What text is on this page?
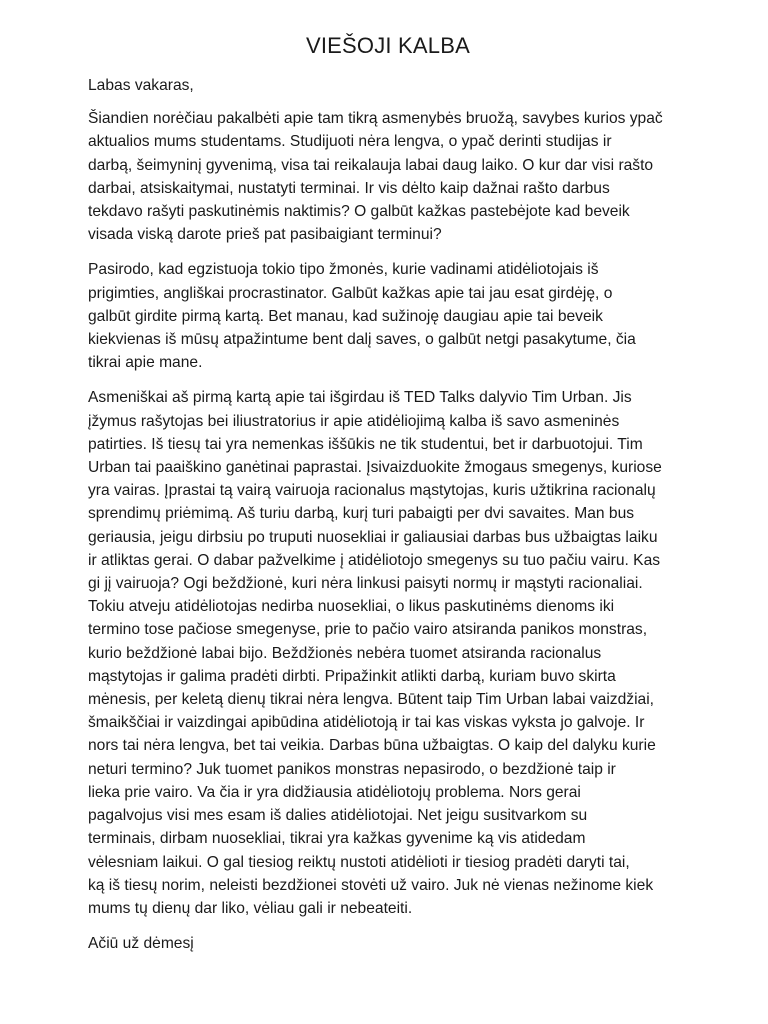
VIEŠOJI KALBA
Labas vakaras,
Šiandien norėčiau pakalbėti apie tam tikrą asmenybės bruožą, savybes kurios ypač
aktualios mums studentams. Studijuoti nėra lengva, o ypač derinti studijas ir
darbą, šeimyninį gyvenimą, visa tai reikalauja labai daug laiko. O kur dar visi rašto
darbai, atsiskaitymai, nustatyti terminai. Ir vis dėlto kaip dažnai rašto darbus
tekdavo rašyti paskutinėmis naktimis? O galbūt kažkas pastebėjote kad beveik
visada viską darote prieš pat pasibaigiant terminui?
Pasirodo, kad egzistuoja tokio tipo žmonės, kurie vadinami atidėliotojais iš
prigimties, angliškai procrastinator. Galbūt kažkas apie tai jau esat girdėję, o
galbūt girdite pirmą kartą. Bet manau, kad sužinoję daugiau apie tai beveik
kiekvienas iš mūsų atpažintume bent dalį saves, o galbūt netgi pasakytume, čia
tikrai apie mane.
Asmeniškai aš pirmą kartą apie tai išgirdau iš TED Talks dalyvio Tim Urban. Jis
įžymus rašytojas bei iliustratorius ir apie atidėliojimą kalba iš savo asmeninės
patirties. Iš tiesų tai yra nemenkas iššūkis ne tik studentui, bet ir darbuotojui. Tim
Urban tai paaiškino ganėtinai paprastai. Įsivaizduokite žmogaus smegenys, kuriose
yra vairas. Įprastai tą vairą vairuoja racionalus mąstytojas, kuris užtikrina racionalų
sprendimų priėmimą. Aš turiu darbą, kurį turi pabaigti per dvi savaites. Man bus
geriausia, jeigu dirbsiu po truputi nuosekliai ir galiausiai darbas bus užbaigtas laiku
ir atliktas gerai. O dabar pažvelkime į atidėliotojo smegenys su tuo pačiu vairu. Kas
gi jį vairuoja? Ogi beždžionė, kuri nėra linkusi paisyti normų ir mąstyti racionaliai.
Tokiu atveju atidėliotojas nedirba nuosekliai, o likus paskutinėms dienoms iki
termino tose pačiose smegenyse, prie to pačio vairo atsiranda panikos monstras,
kurio beždžionė labai bijo. Beždžionės nebėra tuomet atsiranda racionalus
mąstytojas ir galima pradėti dirbti. Pripažinkit atlikti darbą, kuriam buvo skirta
mėnesis, per keletą dienų tikrai nėra lengva. Būtent taip Tim Urban labai vaizdžiai,
šmaikščiai ir vaizdingai apibūdina atidėliotoją ir tai kas viskas vyksta jo galvoje. Ir
nors tai nėra lengva, bet tai veikia. Darbas būna užbaigtas. O kaip del dalyku kurie
neturi termino? Juk tuomet panikos monstras nepasirodo, o bezdžionė taip ir
lieka prie vairo. Va čia ir yra didžiausia atidėliotojų problema. Nors gerai
pagalvojus visi mes esam iš dalies atidėliotojai. Net jeigu susitvarkom su
terminais, dirbam nuosekliai, tikrai yra kažkas gyvenime ką vis atidedam
vėlesniam laikui. O gal tiesiog reiktų nustoti atidėlioti ir tiesiog pradėti daryti tai,
ką iš tiesų norim, neleisti bezdžionei stovėti už vairo. Juk nė vienas nežinome kiek
mums tų dienų dar liko, vėliau gali ir nebeateiti.
Ačiū už dėmesį
